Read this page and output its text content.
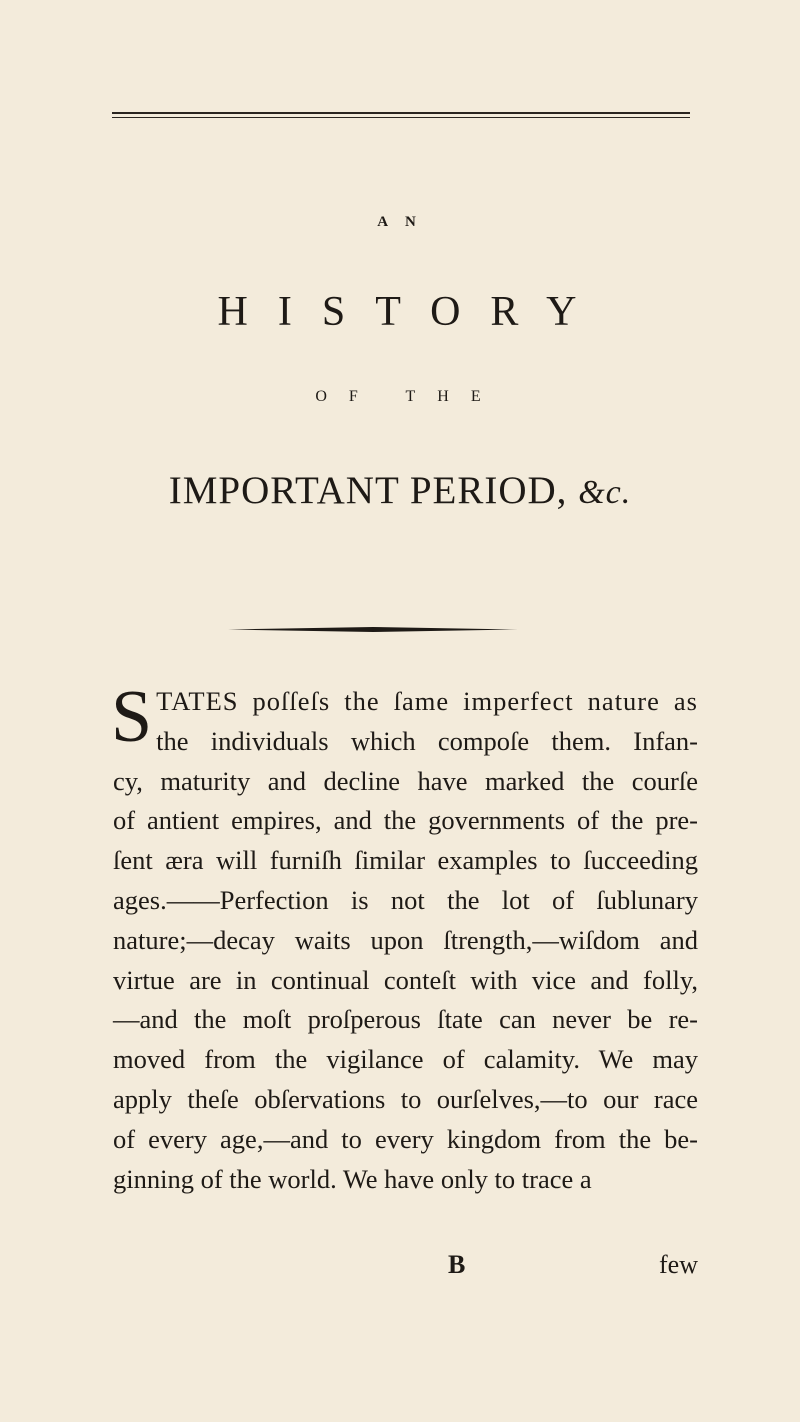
A N
HISTORY
OF THE
IMPORTANT PERIOD, &c.
S TATES poſſeſs the ſame imperfect nature as
the individuals which compoſe them. Infan-
cy, maturity and decline have marked the courſe
of antient empires, and the governments of the pre-
ſent æra will furniſh ſimilar examples to ſucceeding
ages.——Perfection is not the lot of ſublunary
nature;—decay waits upon ſtrength,—wiſdom and
virtue are in continual conteſt with vice and folly,
—and the moſt proſperous ſtate can never be re-
moved from the vigilance of calamity. We may
apply theſe obſervations to ourſelves,—to our race
of every age,—and to every kingdom from the be-
ginning of the world. We have only to trace a
B	few
